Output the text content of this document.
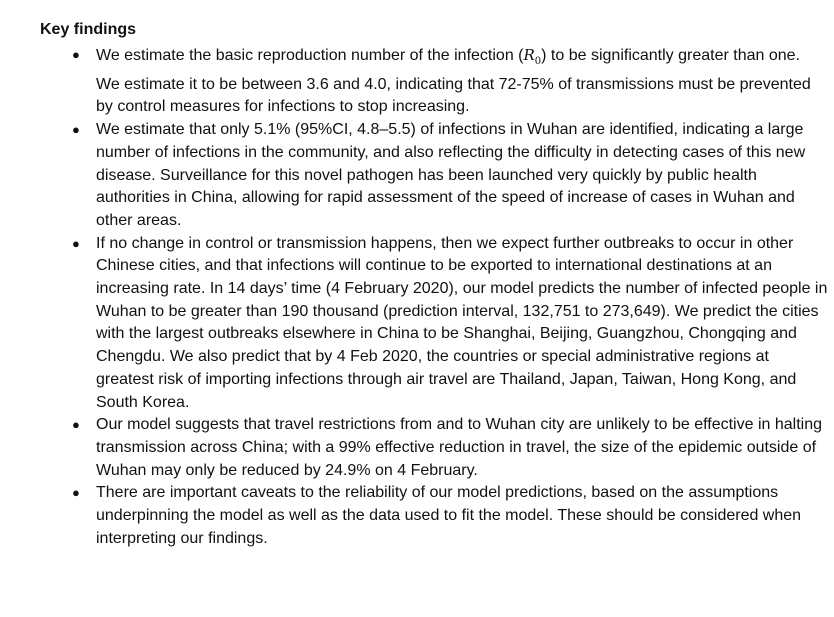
Key findings
● We estimate the basic reproduction number of the infection $(R_0)$ to be significantly greater than one. We estimate it to be between 3.6 and 4.0, indicating that 72-75% of transmissions must be prevented by control measures for infections to stop increasing.
● We estimate that only 5.1% (95%CI, 4.8–5.5) of infections in Wuhan are identified, indicating a large number of infections in the community, and also reflecting the difficulty in detecting cases of this new disease. Surveillance for this novel pathogen has been launched very quickly by public health authorities in China, allowing for rapid assessment of the speed of increase of cases in Wuhan and other areas.
● If no change in control or transmission happens, then we expect further outbreaks to occur in other Chinese cities, and that infections will continue to be exported to international destinations at an increasing rate. In 14 days’ time (4 February 2020), our model predicts the number of infected people in Wuhan to be greater than 190 thousand (prediction interval, 132,751 to 273,649). We predict the cities with the largest outbreaks elsewhere in China to be Shanghai, Beijing, Guangzhou, Chongqing and Chengdu. We also predict that by 4 Feb 2020, the countries or special administrative regions at greatest risk of importing infections through air travel are Thailand, Japan, Taiwan, Hong Kong, and South Korea.
● Our model suggests that travel restrictions from and to Wuhan city are unlikely to be effective in halting transmission across China; with a 99% effective reduction in travel, the size of the epidemic outside of Wuhan may only be reduced by 24.9% on 4 February.
● There are important caveats to the reliability of our model predictions, based on the assumptions underpinning the model as well as the data used to fit the model. These should be considered when interpreting our findings.
